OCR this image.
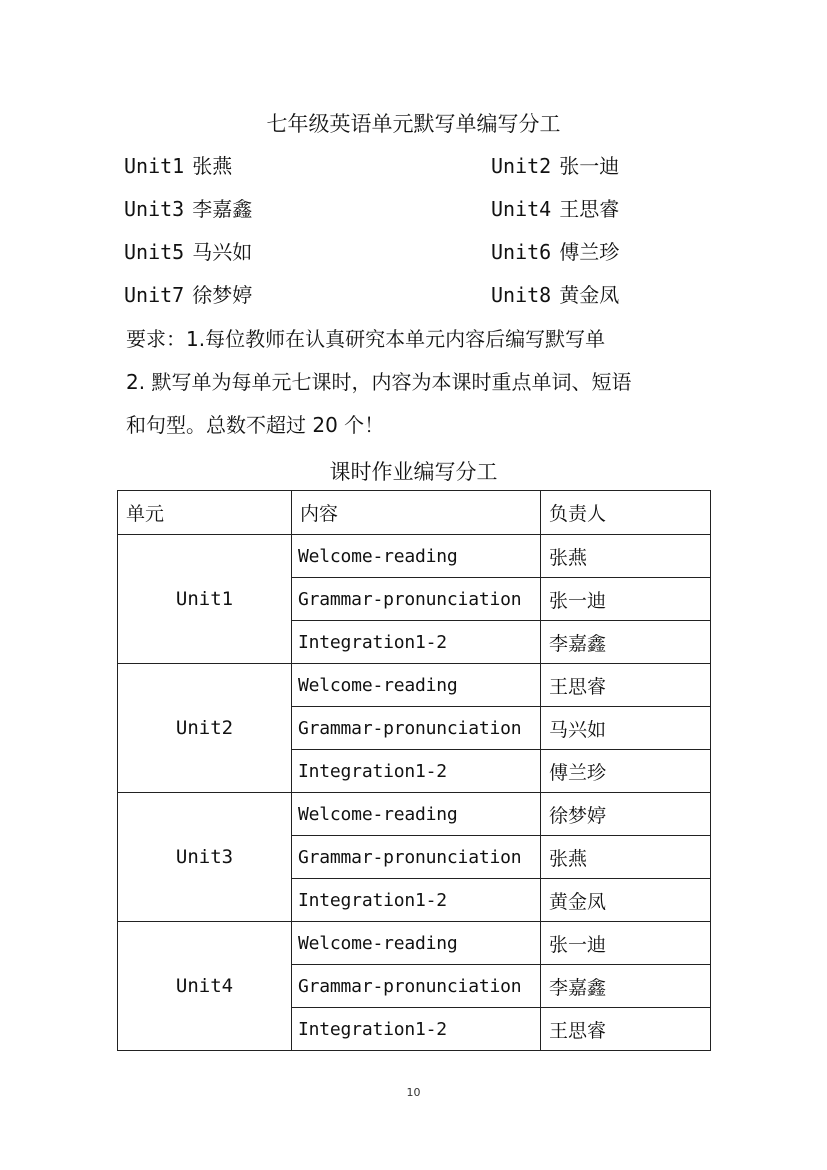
七年级英语单元默写单编写分工
Unit1 张燕	Unit2 张一迪
Unit3 李嘉鑫	Unit4 王思睿
Unit5 马兴如	Unit6 傅兰珍
Unit7 徐梦婷	Unit8 黄金凤
要求：1.每位教师在认真研究本单元内容后编写默写单
2. 默写单为每单元七课时，内容为本课时重点单词、短语
和句型。总数不超过 20 个！
课时作业编写分工
单元	内容	负责人
Unit1	Welcome-reading	张燕
	Grammar-pronunciation	张一迪
	Integration1-2	李嘉鑫
Unit2	Welcome-reading	王思睿
	Grammar-pronunciation	马兴如
	Integration1-2	傅兰珍
Unit3	Welcome-reading	徐梦婷
	Grammar-pronunciation	张燕
	Integration1-2	黄金凤
Unit4	Welcome-reading	张一迪
	Grammar-pronunciation	李嘉鑫
	Integration1-2	王思睿
10
